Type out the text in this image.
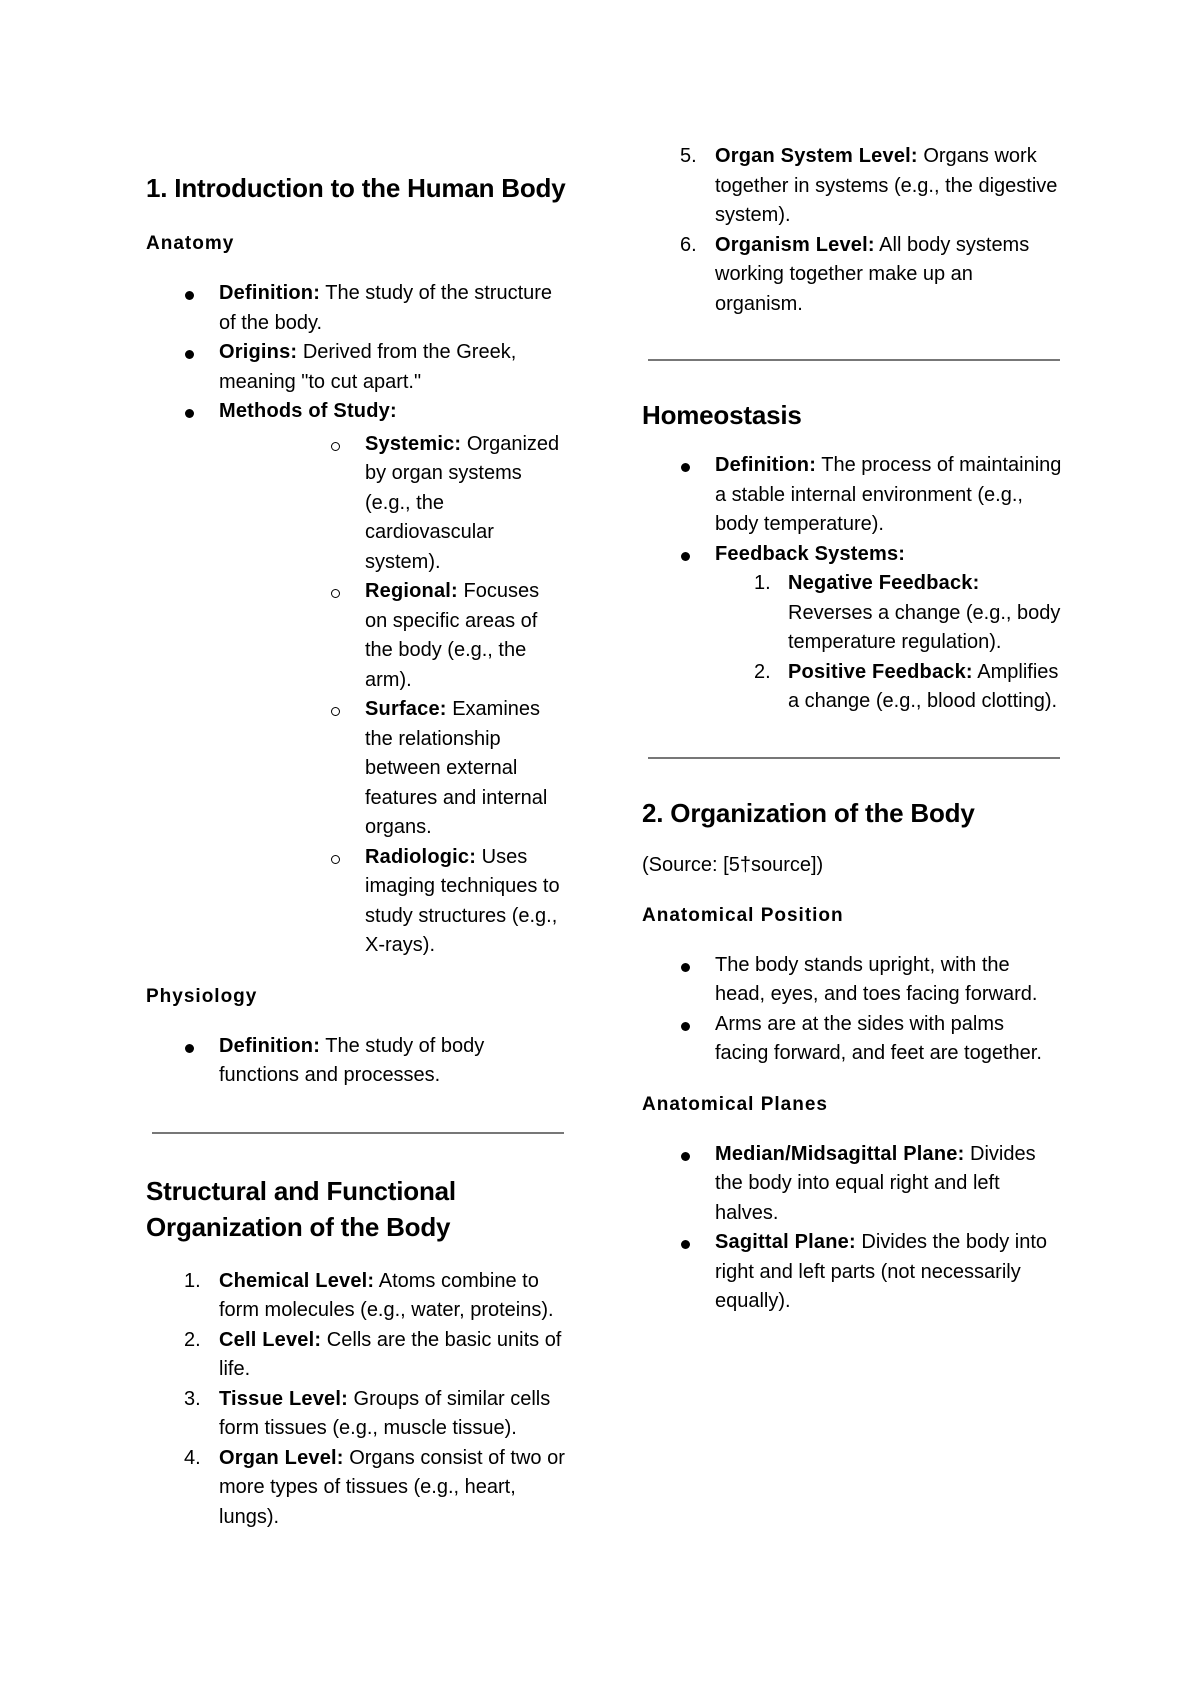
1. Introduction to the Human Body
Anatomy
Definition: The study of the structure of the body.
Origins: Derived from the Greek, meaning "to cut apart."
Methods of Study:
Systemic: Organized by organ systems (e.g., the cardiovascular system).
Regional: Focuses on specific areas of the body (e.g., the arm).
Surface: Examines the relationship between external features and internal organs.
Radiologic: Uses imaging techniques to study structures (e.g., X-rays).
Physiology
Definition: The study of body functions and processes.
Structural and Functional Organization of the Body
1. Chemical Level: Atoms combine to form molecules (e.g., water, proteins).
2. Cell Level: Cells are the basic units of life.
3. Tissue Level: Groups of similar cells form tissues (e.g., muscle tissue).
4. Organ Level: Organs consist of two or more types of tissues (e.g., heart, lungs).
5. Organ System Level: Organs work together in systems (e.g., the digestive system).
6. Organism Level: All body systems working together make up an organism.
Homeostasis
Definition: The process of maintaining a stable internal environment (e.g., body temperature).
Feedback Systems:
1. Negative Feedback: Reverses a change (e.g., body temperature regulation).
2. Positive Feedback: Amplifies a change (e.g., blood clotting).
2. Organization of the Body

(Source: [5†source])

Anatomical Position
The body stands upright, with the head, eyes, and toes facing forward.
Arms are at the sides with palms facing forward, and feet are together.
Anatomical Planes
Median/Midsagittal Plane: Divides the body into equal right and left halves.
Sagittal Plane: Divides the body into right and left parts (not necessarily equally).
